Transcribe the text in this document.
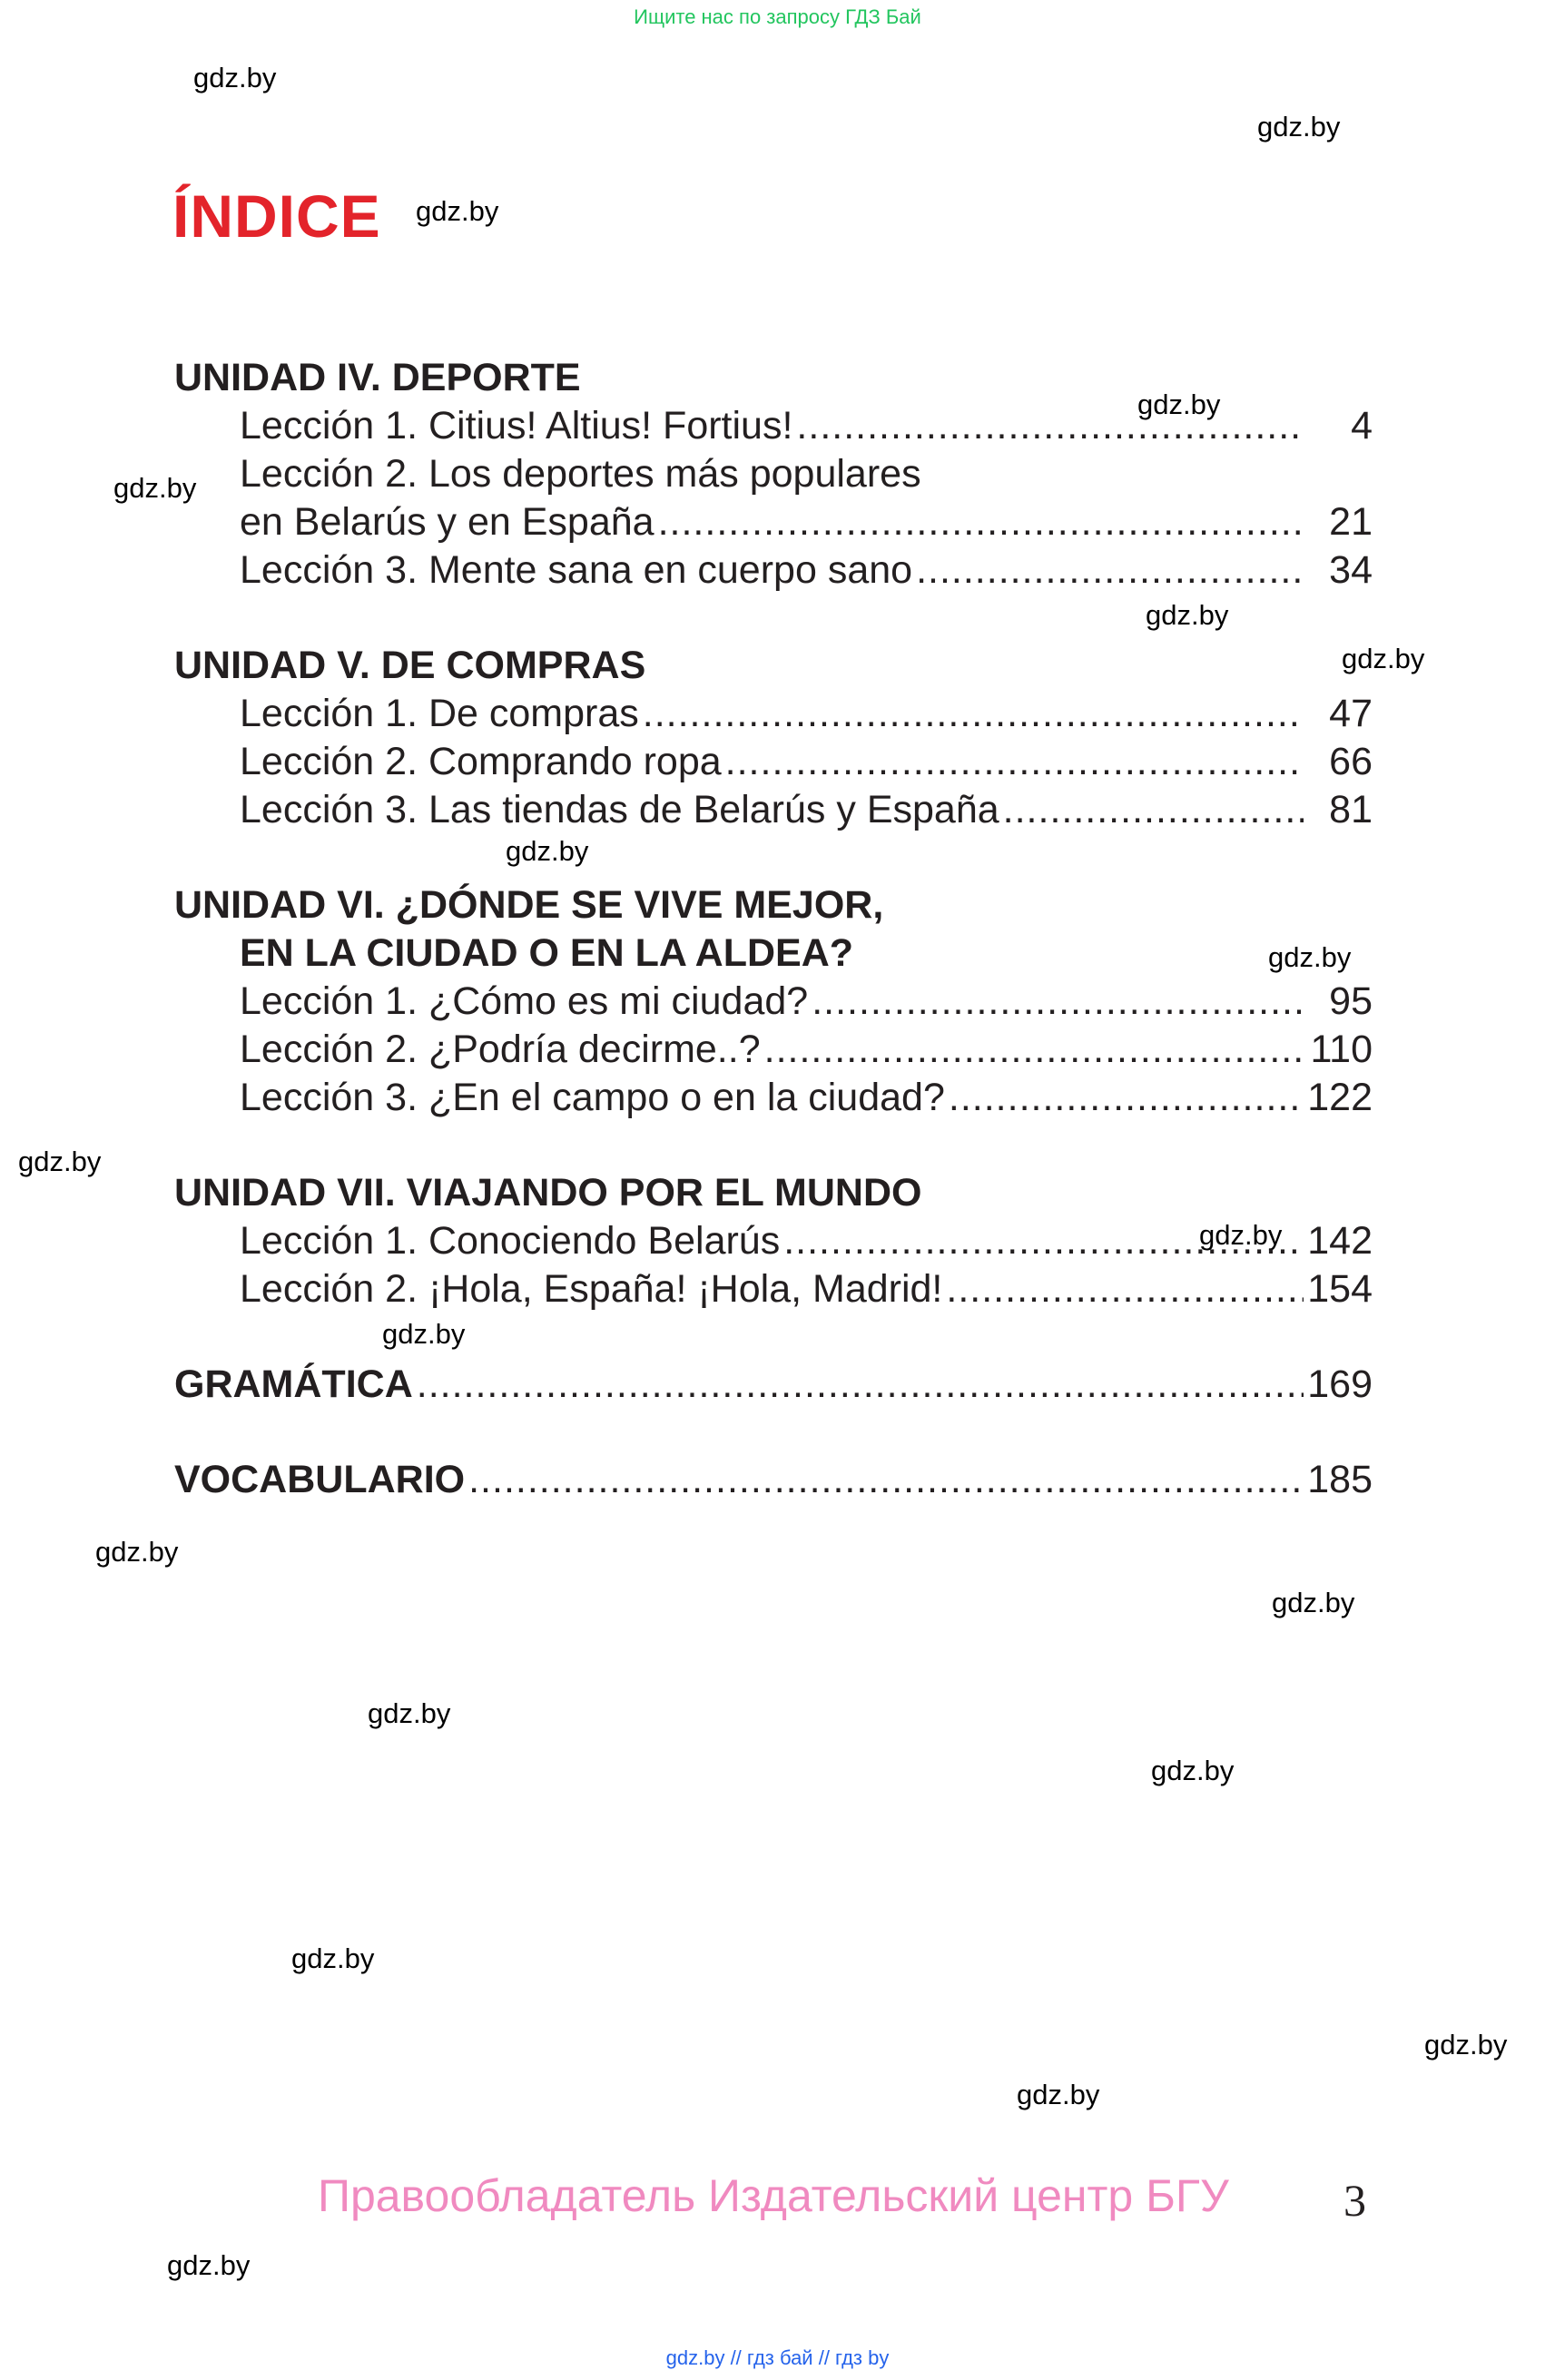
Ищите нас по запросу ГДЗ Бай
gdz.by
gdz.by
gdz.by
gdz.by
gdz.by
gdz.by
gdz.by
gdz.by
gdz.by
gdz.by
gdz.by
gdz.by
gdz.by
gdz.by
gdz.by
gdz.by
gdz.by
gdz.by
gdz.by
gdz.by
ÍNDICE
UNIDAD IV. DEPORTE
Lección 1. Citius! Altius! Fortius! .....	4
Lección 2. Los deportes más populares
en Belarús y en España .....	21
Lección 3. Mente sana en cuerpo sano .....	34
UNIDAD V. DE COMPRAS
Lección 1. De compras .....	47
Lección 2. Comprando ropa .....	66
Lección 3. Las tiendas de Belarús y España .....	81
UNIDAD VI. ¿DÓNDE SE VIVE MEJOR,
EN LA CIUDAD O EN LA ALDEA?
Lección 1. ¿Cómo es mi ciudad? .....	95
Lección 2. ¿Podría decirme..? .....	110
Lección 3. ¿En el campo o en la ciudad? .....	122
UNIDAD VII. VIAJANDO POR EL MUNDO
Lección 1. Conociendo Belarús .....	142
Lección 2. ¡Hola, España! ¡Hola, Madrid! .....	154
GRAMÁTICA .....	169
VOCABULARIO .....	185
Правообладатель Издательский центр БГУ	3
gdz.by // гдз бай // гдз by
